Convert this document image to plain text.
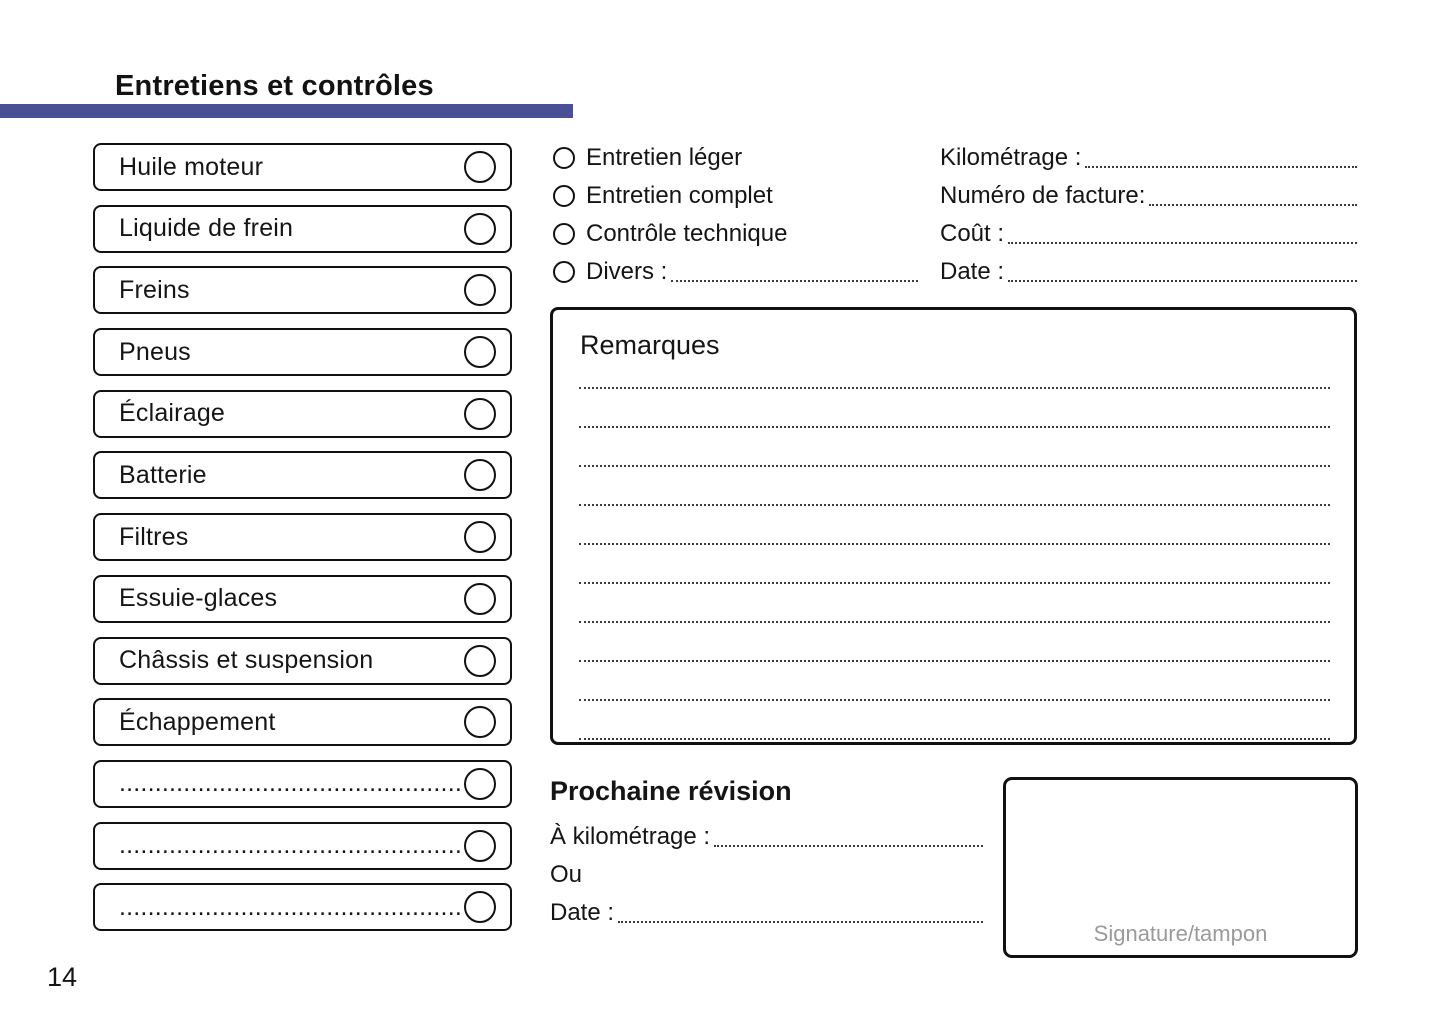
Entretiens et contrôles
Huile moteur
Liquide de frein
Freins
Pneus
Éclairage
Batterie
Filtres
Essuie-glaces
Châssis et suspension
Échappement
................................................
................................................
................................................
Entretien léger
Entretien complet
Contrôle technique
Divers :
Kilométrage :
Numéro de facture:
Coût :
Date :
Remarques
Prochaine révision
À kilométrage :
Ou
Date :
Signature/tampon
14
